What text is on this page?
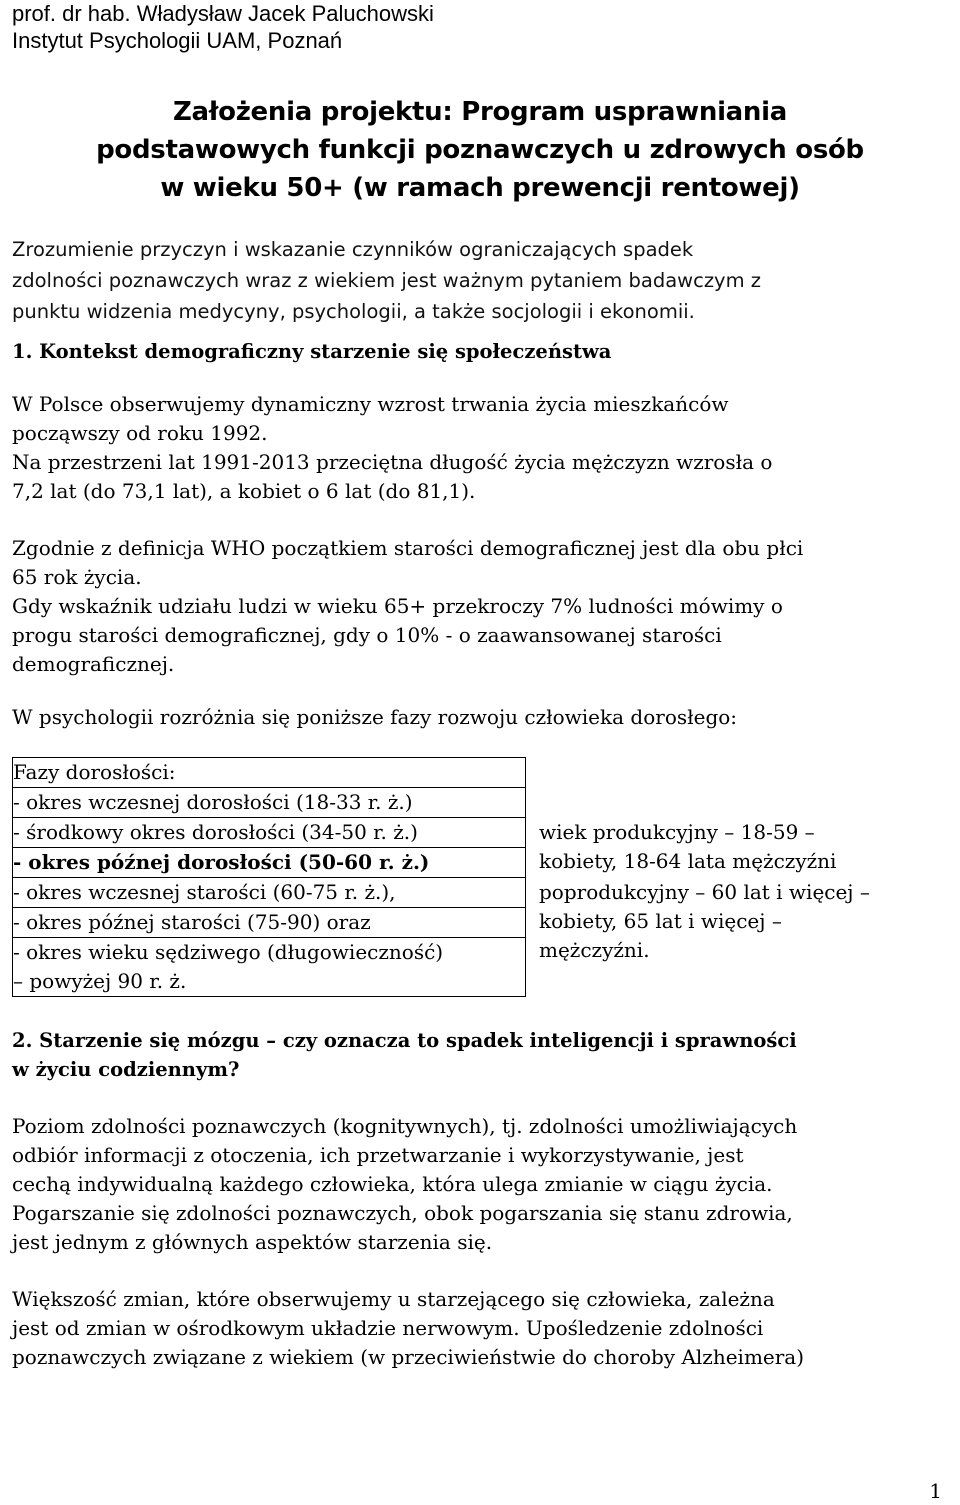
prof. dr hab. Władysław Jacek Paluchowski
Instytut Psychologii UAM, Poznań
Założenia projektu: Program usprawniania
podstawowych funkcji poznawczych u zdrowych osób
w wieku 50+ (w ramach prewencji rentowej)
Zrozumienie przyczyn i wskazanie czynników ograniczających spadek
zdolności poznawczych wraz z wiekiem jest ważnym pytaniem badawczym z
punktu widzenia medycyny, psychologii, a także socjologii i ekonomii.
1. Kontekst demograficzny starzenie się społeczeństwa
W Polsce obserwujemy dynamiczny wzrost trwania życia mieszkańców
począwszy od roku 1992.
Na przestrzeni lat 1991-2013 przeciętna długość życia mężczyzn wzrosła o
7,2 lat (do 73,1 lat), a kobiet o 6 lat (do 81,1).
Zgodnie z definicja WHO początkiem starości demograficznej jest dla obu płci
65 rok życia.
Gdy wskaźnik udziału ludzi w wieku 65+ przekroczy 7% ludności mówimy o
progu starości demograficznej, gdy o 10% - o zaawansowanej starości
demograficznej.
W psychologii rozróżnia się poniższe fazy rozwoju człowieka dorosłego:
Fazy dorosłości:	
- okres wczesnej dorosłości (18-33 r. ż.)	
- środkowy okres dorosłości (34-50 r. ż.)	wiek produkcyjny – 18-59 –
kobiety, 18-64 lata mężczyźni

- okres późnej dorosłości (50-60 r. ż.)	
- okres wczesnej starości (60-75 r. ż.),	poprodukcyjny – 60 lat i więcej –
kobiety, 65 lat i więcej –
mężczyźni.

- okres późnej starości (75-90) oraz	

- okres wieku sędziwego (długowieczność)
– powyżej 90 r. ż.	
2. Starzenie się mózgu – czy oznacza to spadek inteligencji i sprawności
w życiu codziennym?
Poziom zdolności poznawczych (kognitywnych), tj. zdolności umożliwiających
odbiór informacji z otoczenia, ich przetwarzanie i wykorzystywanie, jest
cechą indywidualną każdego człowieka, która ulega zmianie w ciągu życia.
Pogarszanie się zdolności poznawczych, obok pogarszania się stanu zdrowia,
jest jednym z głównych aspektów starzenia się.
Większość zmian, które obserwujemy u starzejącego się człowieka, zależna
jest od zmian w ośrodkowym układzie nerwowym. Upośledzenie zdolności
poznawczych związane z wiekiem (w przeciwieństwie do choroby Alzheimera)
1
